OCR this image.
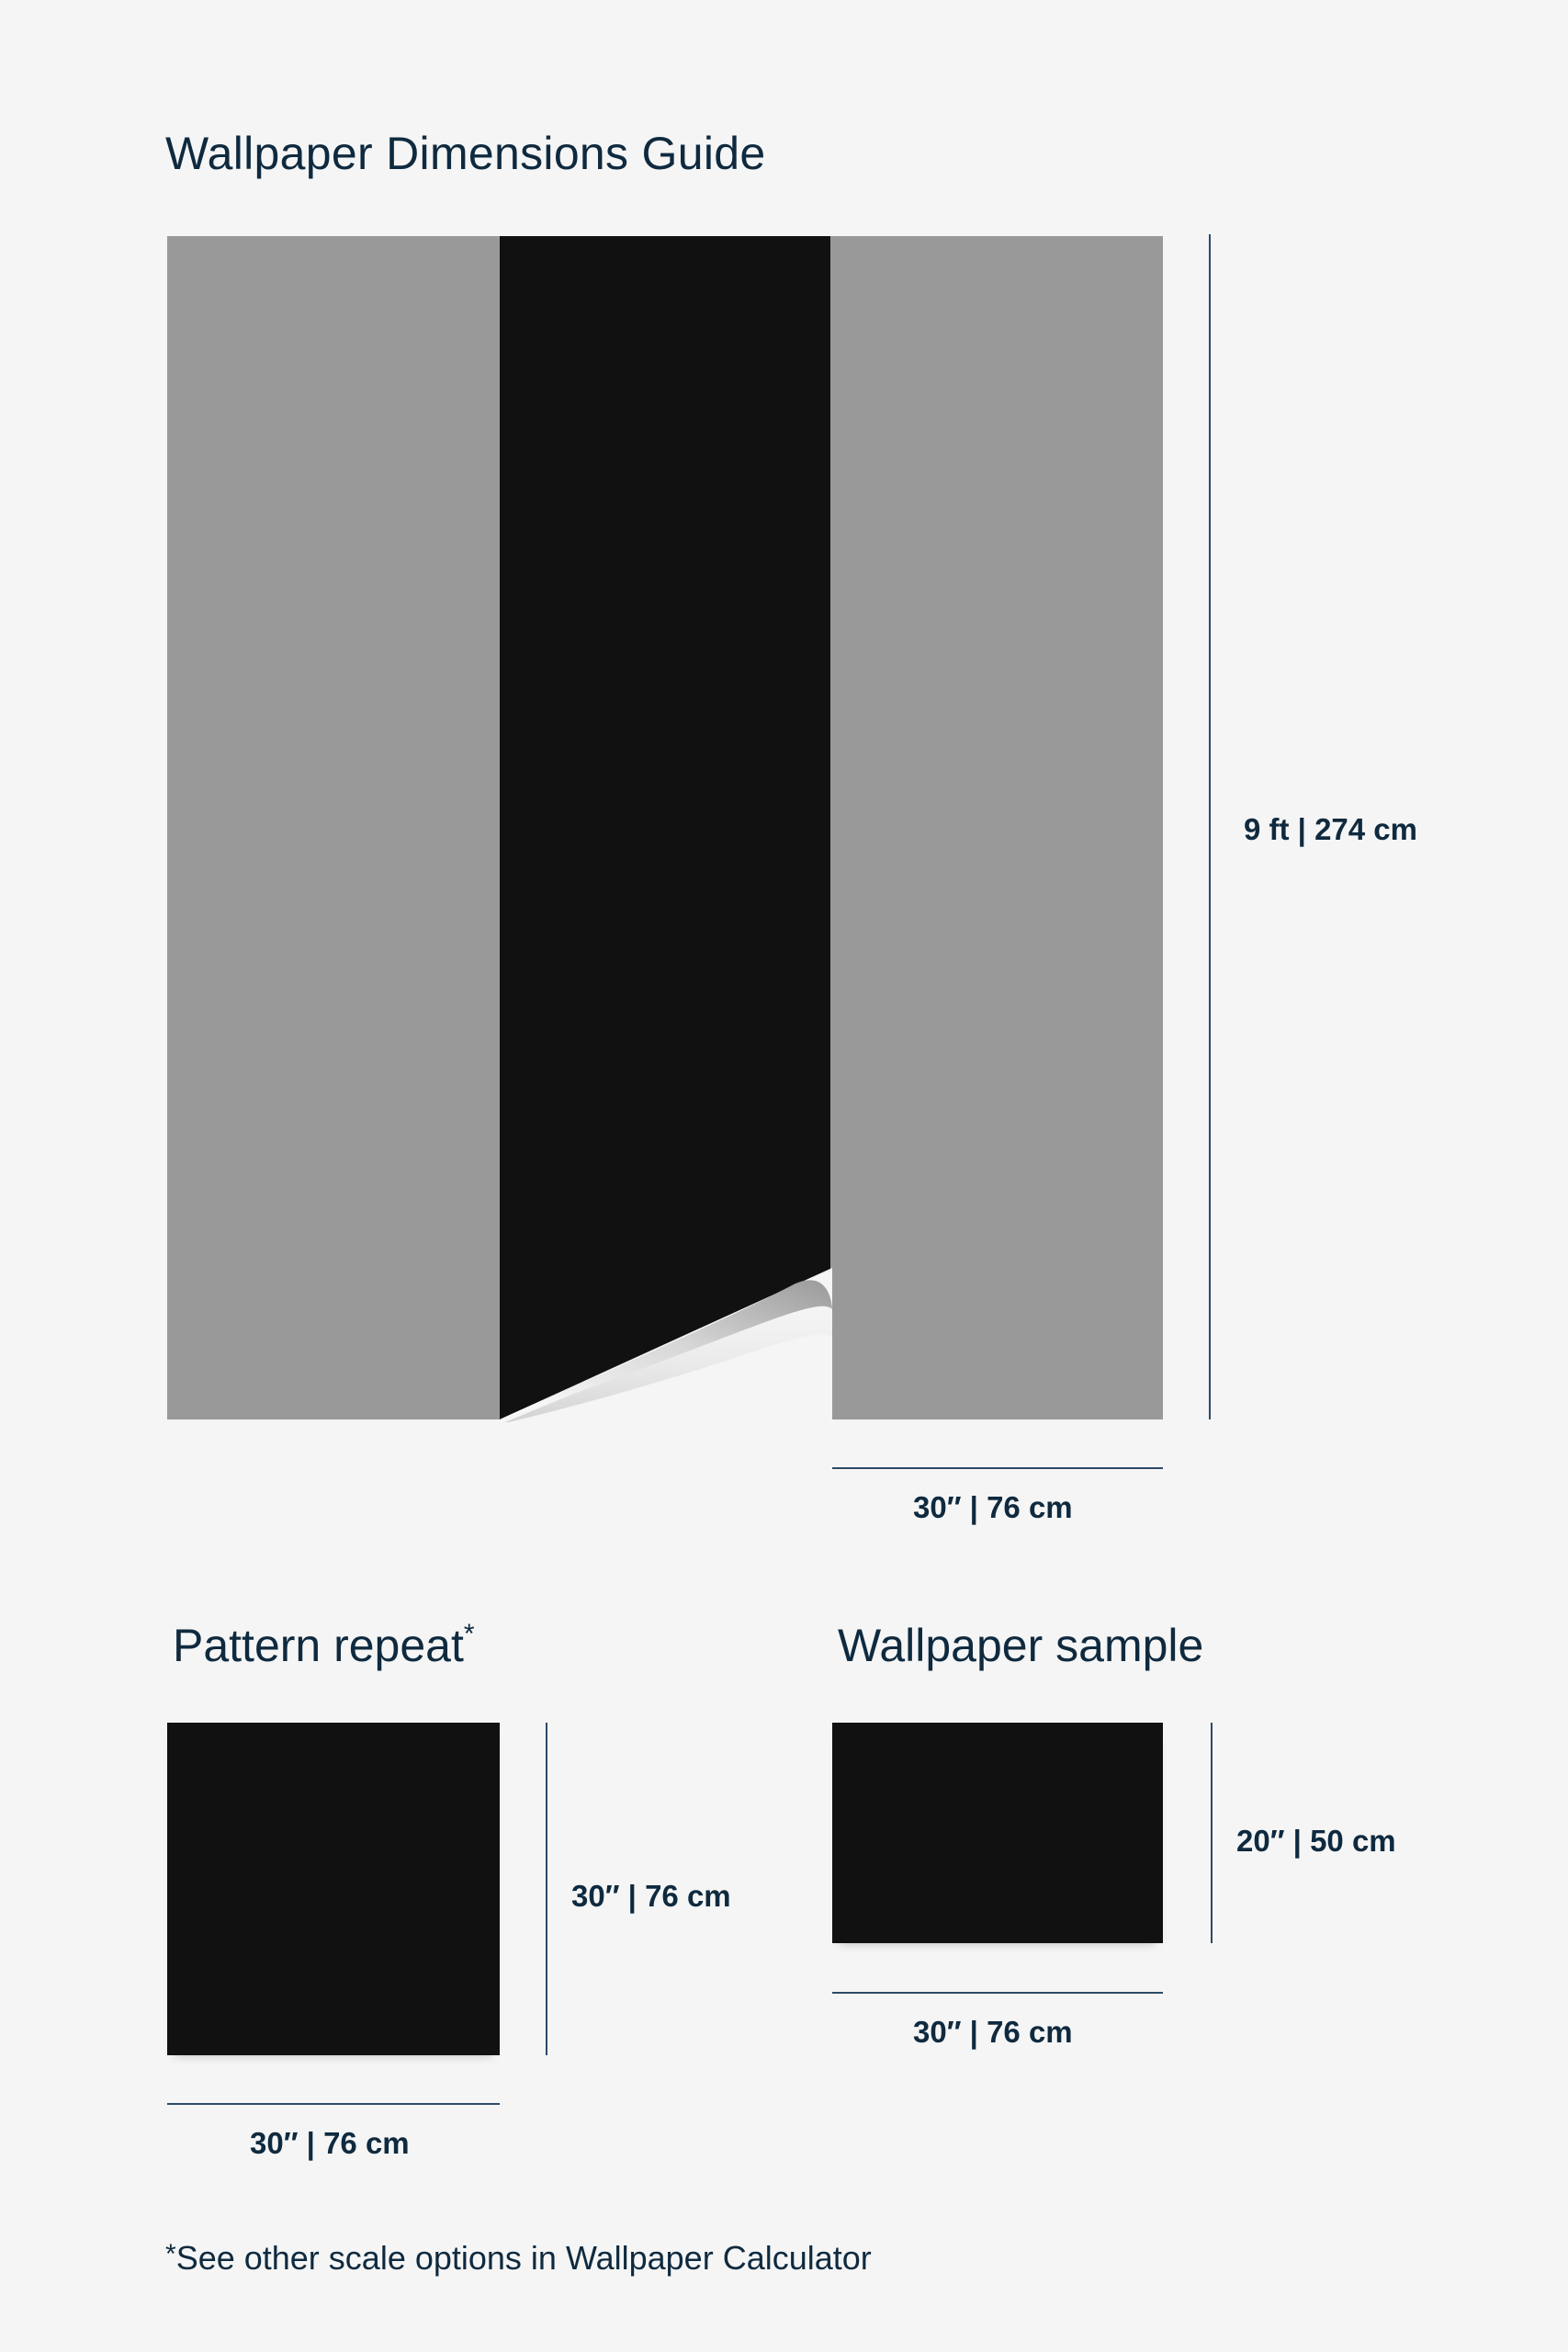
Wallpaper Dimensions Guide
9 ft | 274 cm
30″ | 76 cm
Pattern repeat*
30″ | 76 cm
30″ | 76 cm
Wallpaper sample
20″ | 50 cm
30″ | 76 cm
*See other scale options in Wallpaper Calculator
